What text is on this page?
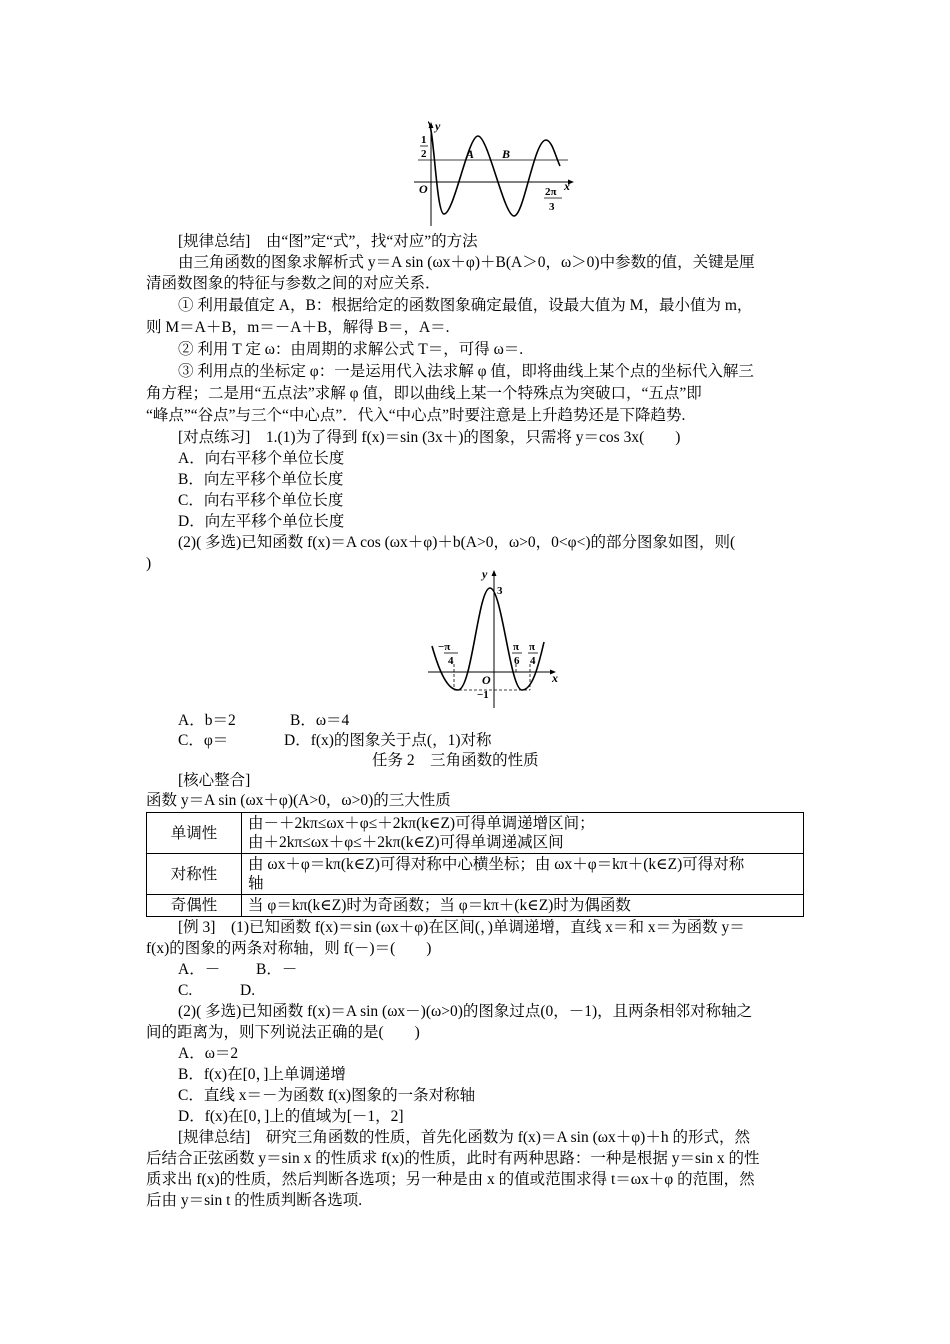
y
1
2	A B
O	x
2π
3
[规律总结]　由“图”定“式”，找“对应”的方法
由三角函数的图象求解析式 y＝A sin (ωx＋φ)＋B(A＞0，ω＞0)中参数的值，关键是厘
清函数图象的特征与参数之间的对应关系．
① 利用最值定 A，B：根据给定的函数图象确定最值，设最大值为 M，最小值为 m，
则 M＝A＋B，m＝－A＋B，解得 B＝，A＝.
② 利用 T 定 ω：由周期的求解公式 T＝，可得 ω＝.
③ 利用点的坐标定 φ：一是运用代入法求解 φ 值，即将曲线上某个点的坐标代入解三
角方程；二是用“五点法”求解 φ 值，即以曲线上某一个特殊点为突破口，“五点”即
“峰点”“谷点”与三个“中心点”．代入“中心点”时要注意是上升趋势还是下降趋势.
[对点练习]　1.(1)为了得到 f(x)＝sin (3x＋)的图象，只需将 y＝cos 3x(　　)
A．向右平移个单位长度
B．向左平移个单位长度
C．向右平移个单位长度
D．向左平移个单位长度
(2)( 多选)已知函数 f(x)＝A cos (ωx＋φ)＋b(A>0，ω>0，0<φ<)的部分图象如图，则(
)
y
3
−π
4
π
6
π
4
O
−1
x
A．b＝2	B．ω＝4
C．φ＝	D．f(x)的图象关于点(，1)对称
任务 2　三角函数的性质
[核心整合]
函数 y＝A sin (ωx＋φ)(A>0，ω>0)的三大性质
单调性	由－＋2kπ≤ωx＋φ≤＋2kπ(k∈Z)可得单调递增区间；
由＋2kπ≤ωx＋φ≤＋2kπ(k∈Z)可得单调递减区间

对称性	由 ωx＋φ＝kπ(k∈Z)可得对称中心横坐标；由 ωx＋φ＝kπ＋(k∈Z)可得对称
轴

奇偶性	当 φ＝kπ(k∈Z)时为奇函数；当 φ＝kπ＋(k∈Z)时为偶函数
[例 3]　(1)已知函数 f(x)＝sin (ωx＋φ)在区间(，)单调递增，直线 x＝和 x＝为函数 y＝
f(x)的图象的两条对称轴，则 f(－)＝(　　)
A．－ B．－
C.	D.
(2)( 多选)已知函数 f(x)＝A sin (ωx－)(ω>0)的图象过点(0，－1)，且两条相邻对称轴之
间的距离为，则下列说法正确的是(　　)
A．ω＝2
B．f(x)在[0，]上单调递增
C．直线 x＝－为函数 f(x)图象的一条对称轴
D．f(x)在[0，]上的值域为[－1，2]
[规律总结]　研究三角函数的性质，首先化函数为 f(x)＝A sin (ωx＋φ)＋h 的形式，然
后结合正弦函数 y＝sin x 的性质求 f(x)的性质，此时有两种思路：一种是根据 y＝sin x 的性
质求出 f(x)的性质，然后判断各选项；另一种是由 x 的值或范围求得 t＝ωx＋φ 的范围，然
后由 y＝sin t 的性质判断各选项.
